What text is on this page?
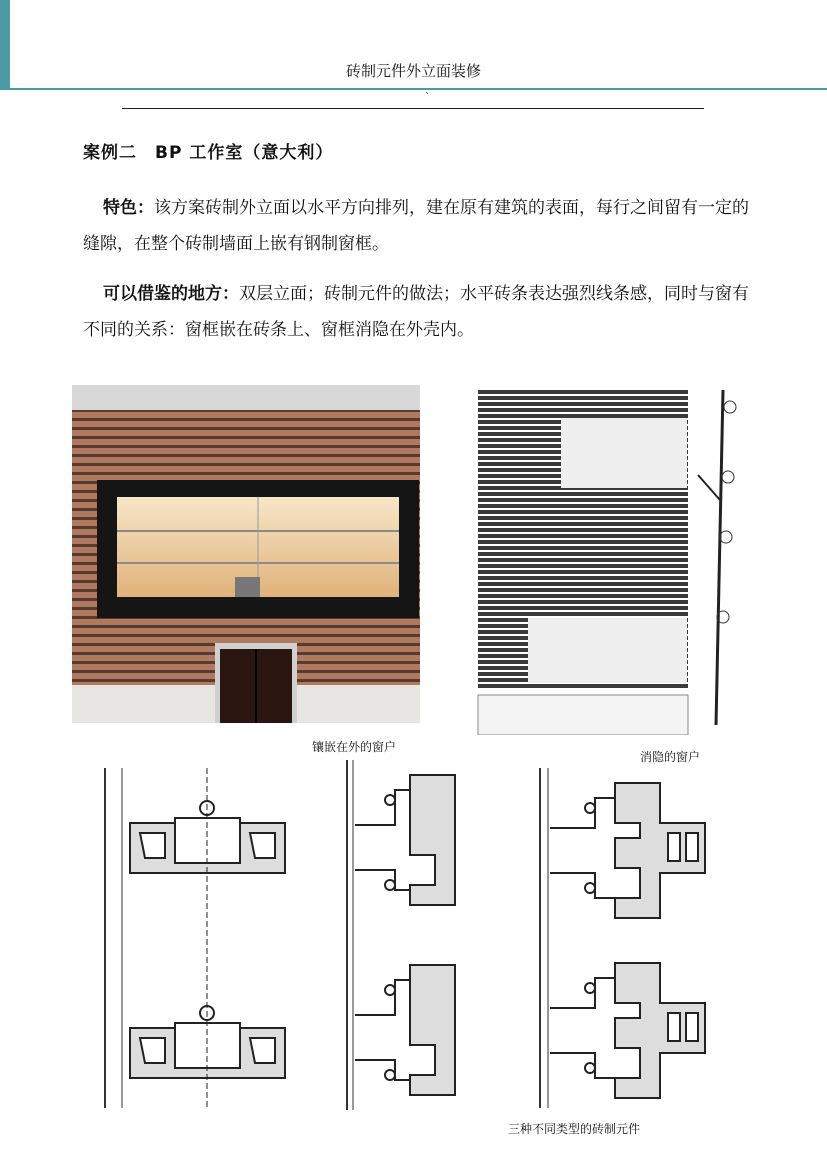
砖制元件外立面装修
`
案例二　BP 工作室（意大利）
特色：该方案砖制外立面以水平方向排列，建在原有建筑的表面，每行之间留有一定的缝隙，在整个砖制墙面上嵌有钢制窗框。
可以借鉴的地方：双层立面；砖制元件的做法；水平砖条表达强烈线条感，同时与窗有不同的关系：窗框嵌在砖条上、窗框消隐在外壳内。
镶嵌在外的窗户
消隐的窗户
三种不同类型的砖制元件
